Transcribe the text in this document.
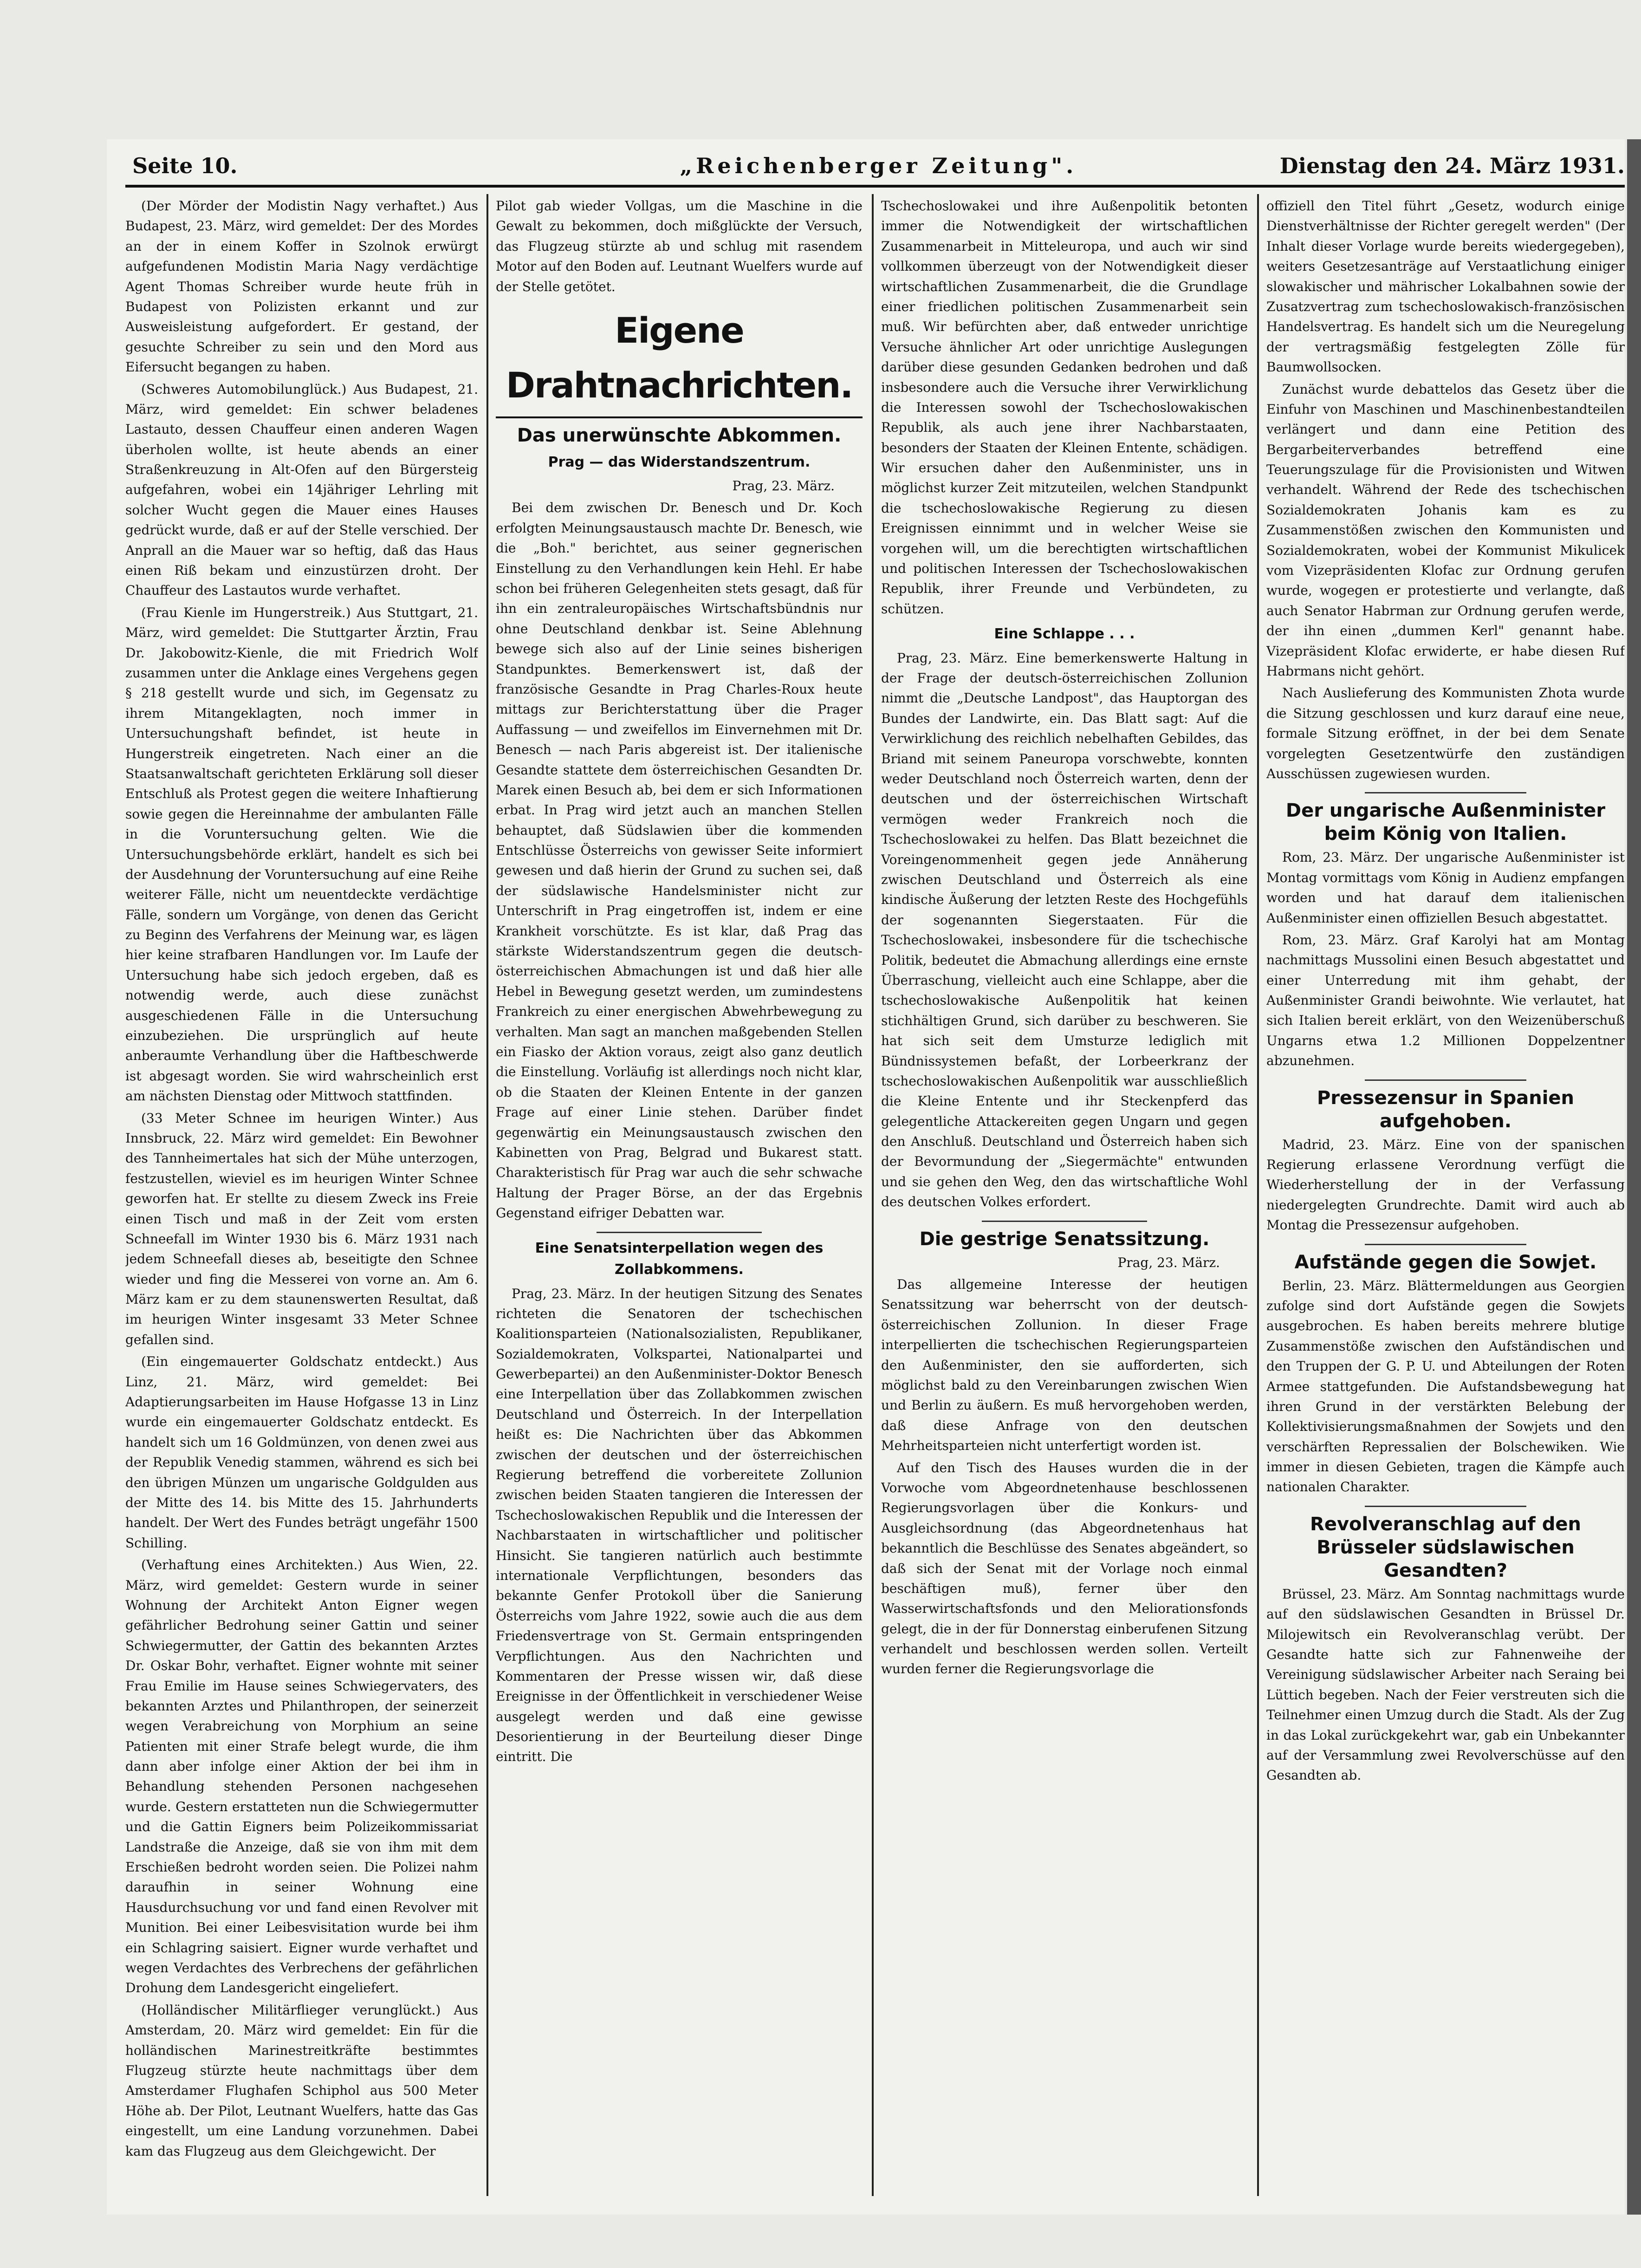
Seite 10.	„Reichenberger Zeitung".	Dienstag den 24. März 1931.

(Der Mörder der Modistin Nagy verhaftet.) Aus Budapest, 23. März, wird gemeldet: Der des Mordes an der in einem Koffer in Szolnok erwürgt aufgefundenen Modistin Maria Nagy verdächtige Agent Thomas Schreiber wurde heute früh in Budapest von Polizisten erkannt und zur Ausweisleistung aufgefordert. Er gestand, der gesuchte Schreiber zu sein und den Mord aus Eifersucht begangen zu haben.

(Schweres Automobilunglück.) Aus Budapest, 21. März, wird gemeldet: Ein schwer beladenes Lastauto, dessen Chauffeur einen anderen Wagen überholen wollte, ist heute abends an einer Straßenkreuzung in Alt-Ofen auf den Bürgersteig aufgefahren, wobei ein 14jähriger Lehrling mit solcher Wucht gegen die Mauer eines Hauses gedrückt wurde, daß er auf der Stelle verschied. Der Anprall an die Mauer war so heftig, daß das Haus einen Riß bekam und einzustürzen droht. Der Chauffeur des Lastautos wurde verhaftet.

(Frau Kienle im Hungerstreik.) Aus Stuttgart, 21. März, wird gemeldet: Die Stuttgarter Ärztin, Frau Dr. Jakobowitz-Kienle, die mit Friedrich Wolf zusammen unter die Anklage eines Vergehens gegen § 218 gestellt wurde und sich, im Gegensatz zu ihrem Mitangeklagten, noch immer in Untersuchungshaft befindet, ist heute in Hungerstreik eingetreten. Nach einer an die Staatsanwaltschaft gerichteten Erklärung soll dieser Entschluß als Protest gegen die weitere Inhaftierung sowie gegen die Hereinnahme der ambulanten Fälle in die Voruntersuchung gelten. Wie die Untersuchungsbehörde erklärt, handelt es sich bei der Ausdehnung der Voruntersuchung auf eine Reihe weiterer Fälle, nicht um neuentdeckte verdächtige Fälle, sondern um Vorgänge, von denen das Gericht zu Beginn des Verfahrens der Meinung war, es lägen hier keine strafbaren Handlungen vor. Im Laufe der Untersuchung habe sich jedoch ergeben, daß es notwendig werde, auch diese zunächst ausgeschiedenen Fälle in die Untersuchung einzubeziehen. Die ursprünglich auf heute anberaumte Verhandlung über die Haftbeschwerde ist abgesagt worden. Sie wird wahrscheinlich erst am nächsten Dienstag oder Mittwoch stattfinden.

(33 Meter Schnee im heurigen Winter.) Aus Innsbruck, 22. März wird gemeldet: Ein Bewohner des Tannheimertales hat sich der Mühe unterzogen, festzustellen, wieviel es im heurigen Winter Schnee geworfen hat. Er stellte zu diesem Zweck ins Freie einen Tisch und maß in der Zeit vom ersten Schneefall im Winter 1930 bis 6. März 1931 nach jedem Schneefall dieses ab, beseitigte den Schnee wieder und fing die Messerei von vorne an. Am 6. März kam er zu dem staunenswerten Resultat, daß im heurigen Winter insgesamt 33 Meter Schnee gefallen sind.

(Ein eingemauerter Goldschatz entdeckt.) Aus Linz, 21. März, wird gemeldet: Bei Adaptierungsarbeiten im Hause Hofgasse 13 in Linz wurde ein eingemauerter Goldschatz entdeckt. Es handelt sich um 16 Goldmünzen, von denen zwei aus der Republik Venedig stammen, während es sich bei den übrigen Münzen um ungarische Goldgulden aus der Mitte des 14. bis Mitte des 15. Jahrhunderts handelt. Der Wert des Fundes beträgt ungefähr 1500 Schilling.

(Verhaftung eines Architekten.) Aus Wien, 22. März, wird gemeldet: Gestern wurde in seiner Wohnung der Architekt Anton Eigner wegen gefährlicher Bedrohung seiner Gattin und seiner Schwiegermutter, der Gattin des bekannten Arztes Dr. Oskar Bohr, verhaftet. Eigner wohnte mit seiner Frau Emilie im Hause seines Schwiegervaters, des bekannten Arztes und Philanthropen, der seinerzeit wegen Verabreichung von Morphium an seine Patienten mit einer Strafe belegt wurde, die ihm dann aber infolge einer Aktion der bei ihm in Behandlung stehenden Personen nachgesehen wurde. Gestern erstatteten nun die Schwiegermutter und die Gattin Eigners beim Polizeikommissariat Landstraße die Anzeige, daß sie von ihm mit dem Erschießen bedroht worden seien. Die Polizei nahm daraufhin in seiner Wohnung eine Hausdurchsuchung vor und fand einen Revolver mit Munition. Bei einer Leibesvisitation wurde bei ihm ein Schlagring saisiert. Eigner wurde verhaftet und wegen Verdachtes des Verbrechens der gefährlichen Drohung dem Landesgericht eingeliefert.

(Holländischer Militärflieger verunglückt.) Aus Amsterdam, 20. März wird gemeldet: Ein für die holländischen Marinestreitkräfte bestimmtes Flugzeug stürzte heute nachmittags über dem Amsterdamer Flughafen Schiphol aus 500 Meter Höhe ab. Der Pilot, Leutnant Wuelfers, hatte das Gas eingestellt, um eine Landung vorzunehmen. Dabei kam das Flugzeug aus dem Gleichgewicht. Der

Pilot gab wieder Vollgas, um die Maschine in die Gewalt zu bekommen, doch mißglückte der Versuch, das Flugzeug stürzte ab und schlug mit rasendem Motor auf den Boden auf. Leutnant Wuelfers wurde auf der Stelle getötet.

Eigene Drahtnachrichten.
Das unerwünschte Abkommen.
Prag — das Widerstandszentrum.
Prag, 23. März.

Bei dem zwischen Dr. Benesch und Dr. Koch erfolgten Meinungsaustausch machte Dr. Benesch, wie die „Boh." berichtet, aus seiner gegnerischen Einstellung zu den Verhandlungen kein Hehl. Er habe schon bei früheren Gelegenheiten stets gesagt, daß für ihn ein zentraleuropäisches Wirtschaftsbündnis nur ohne Deutschland denkbar ist. Seine Ablehnung bewege sich also auf der Linie seines bisherigen Standpunktes. Bemerkenswert ist, daß der französische Gesandte in Prag Charles-Roux heute mittags zur Berichterstattung über die Prager Auffassung — und zweifellos im Einvernehmen mit Dr. Benesch — nach Paris abgereist ist. Der italienische Gesandte stattete dem österreichischen Gesandten Dr. Marek einen Besuch ab, bei dem er sich Informationen erbat. In Prag wird jetzt auch an manchen Stellen behauptet, daß Südslawien über die kommenden Entschlüsse Österreichs von gewisser Seite informiert gewesen und daß hierin der Grund zu suchen sei, daß der südslawische Handelsminister nicht zur Unterschrift in Prag eingetroffen ist, indem er eine Krankheit vorschützte. Es ist klar, daß Prag das stärkste Widerstandszentrum gegen die deutsch-österreichischen Abmachungen ist und daß hier alle Hebel in Bewegung gesetzt werden, um zumindestens Frankreich zu einer energischen Abwehrbewegung zu verhalten. Man sagt an manchen maßgebenden Stellen ein Fiasko der Aktion voraus, zeigt also ganz deutlich die Einstellung. Vorläufig ist allerdings noch nicht klar, ob die Staaten der Kleinen Entente in der ganzen Frage auf einer Linie stehen. Darüber findet gegenwärtig ein Meinungsaustausch zwischen den Kabinetten von Prag, Belgrad und Bukarest statt. Charakteristisch für Prag war auch die sehr schwache Haltung der Prager Börse, an der das Ergebnis Gegenstand eifriger Debatten war.

Eine Senatsinterpellation wegen des Zollabkommens.

Prag, 23. März. In der heutigen Sitzung des Senates richteten die Senatoren der tschechischen Koalitionsparteien (Nationalsozialisten, Republikaner, Sozialdemokraten, Volkspartei, Nationalpartei und Gewerbepartei) an den Außenminister-Doktor Benesch eine Interpellation über das Zollabkommen zwischen Deutschland und Österreich. In der Interpellation heißt es: Die Nachrichten über das Abkommen zwischen der deutschen und der österreichischen Regierung betreffend die vorbereitete Zollunion zwischen beiden Staaten tangieren die Interessen der Tschechoslowakischen Republik und die Interessen der Nachbarstaaten in wirtschaftlicher und politischer Hinsicht. Sie tangieren natürlich auch bestimmte internationale Verpflichtungen, besonders das bekannte Genfer Protokoll über die Sanierung Österreichs vom Jahre 1922, sowie auch die aus dem Friedensvertrage von St. Germain entspringenden Verpflichtungen. Aus den Nachrichten und Kommentaren der Presse wissen wir, daß diese Ereignisse in der Öffentlichkeit in verschiedener Weise ausgelegt werden und daß eine gewisse Desorientierung in der Beurteilung dieser Dinge eintritt. Die

Tschechoslowakei und ihre Außenpolitik betonten immer die Notwendigkeit der wirtschaftlichen Zusammenarbeit in Mitteleuropa, und auch wir sind vollkommen überzeugt von der Notwendigkeit dieser wirtschaftlichen Zusammenarbeit, die die Grundlage einer friedlichen politischen Zusammenarbeit sein muß. Wir befürchten aber, daß entweder unrichtige Versuche ähnlicher Art oder unrichtige Auslegungen darüber diese gesunden Gedanken bedrohen und daß insbesondere auch die Versuche ihrer Verwirklichung die Interessen sowohl der Tschechoslowakischen Republik, als auch jene ihrer Nachbarstaaten, besonders der Staaten der Kleinen Entente, schädigen. Wir ersuchen daher den Außenminister, uns in möglichst kurzer Zeit mitzuteilen, welchen Standpunkt die tschechoslowakische Regierung zu diesen Ereignissen einnimmt und in welcher Weise sie vorgehen will, um die berechtigten wirtschaftlichen und politischen Interessen der Tschechoslowakischen Republik, ihrer Freunde und Verbündeten, zu schützen.

Eine Schlappe . . .

Prag, 23. März. Eine bemerkenswerte Haltung in der Frage der deutsch-österreichischen Zollunion nimmt die „Deutsche Landpost", das Hauptorgan des Bundes der Landwirte, ein. Das Blatt sagt: Auf die Verwirklichung des reichlich nebelhaften Gebildes, das Briand mit seinem Paneuropa vorschwebte, konnten weder Deutschland noch Österreich warten, denn der deutschen und der österreichischen Wirtschaft vermögen weder Frankreich noch die Tschechoslowakei zu helfen. Das Blatt bezeichnet die Voreingenommenheit gegen jede Annäherung zwischen Deutschland und Österreich als eine kindische Äußerung der letzten Reste des Hochgefühls der sogenannten Siegerstaaten. Für die Tschechoslowakei, insbesondere für die tschechische Politik, bedeutet die Abmachung allerdings eine ernste Überraschung, vielleicht auch eine Schlappe, aber die tschechoslowakische Außenpolitik hat keinen stichhältigen Grund, sich darüber zu beschweren. Sie hat sich seit dem Umsturze lediglich mit Bündnissystemen befaßt, der Lorbeerkranz der tschechoslowakischen Außenpolitik war ausschließlich die Kleine Entente und ihr Steckenpferd das gelegentliche Attackereiten gegen Ungarn und gegen den Anschluß. Deutschland und Österreich haben sich der Bevormundung der „Siegermächte" entwunden und sie gehen den Weg, den das wirtschaftliche Wohl des deutschen Volkes erfordert.

Die gestrige Senatssitzung.
Prag, 23. März.

Das allgemeine Interesse der heutigen Senatssitzung war beherrscht von der deutsch-österreichischen Zollunion. In dieser Frage interpellierten die tschechischen Regierungsparteien den Außenminister, den sie aufforderten, sich möglichst bald zu den Vereinbarungen zwischen Wien und Berlin zu äußern. Es muß hervorgehoben werden, daß diese Anfrage von den deutschen Mehrheitsparteien nicht unterfertigt worden ist.

Auf den Tisch des Hauses wurden die in der Vorwoche vom Abgeordnetenhause beschlossenen Regierungsvorlagen über die Konkurs- und Ausgleichsordnung (das Abgeordnetenhaus hat bekanntlich die Beschlüsse des Senates abgeändert, so daß sich der Senat mit der Vorlage noch einmal beschäftigen muß), ferner über den Wasserwirtschaftsfonds und den Meliorationsfonds gelegt, die in der für Donnerstag einberufenen Sitzung verhandelt und beschlossen werden sollen. Verteilt wurden ferner die Regierungsvorlage die

offiziell den Titel führt „Gesetz, wodurch einige Dienstverhältnisse der Richter geregelt werden" (Der Inhalt dieser Vorlage wurde bereits wiedergegeben), weiters Gesetzesanträge auf Verstaatlichung einiger slowakischer und mährischer Lokalbahnen sowie der Zusatzvertrag zum tschechoslowakisch-französischen Handelsvertrag. Es handelt sich um die Neuregelung der vertragsmäßig festgelegten Zölle für Baumwollsocken.

Zunächst wurde debattelos das Gesetz über die Einfuhr von Maschinen und Maschinenbestandteilen verlängert und dann eine Petition des Bergarbeiterverbandes betreffend eine Teuerungszulage für die Provisionisten und Witwen verhandelt. Während der Rede des tschechischen Sozialdemokraten Johanis kam es zu Zusammenstößen zwischen den Kommunisten und Sozialdemokraten, wobei der Kommunist Mikulicek vom Vizepräsidenten Klofac zur Ordnung gerufen wurde, wogegen er protestierte und verlangte, daß auch Senator Habrman zur Ordnung gerufen werde, der ihn einen „dummen Kerl" genannt habe. Vizepräsident Klofac erwiderte, er habe diesen Ruf Habrmans nicht gehört.

Nach Auslieferung des Kommunisten Zhota wurde die Sitzung geschlossen und kurz darauf eine neue, formale Sitzung eröffnet, in der bei dem Senate vorgelegten Gesetzentwürfe den zuständigen Ausschüssen zugewiesen wurden.

Der ungarische Außenminister beim König von Italien.

Rom, 23. März. Der ungarische Außenminister ist Montag vormittags vom König in Audienz empfangen worden und hat darauf dem italienischen Außenminister einen offiziellen Besuch abgestattet.

Rom, 23. März. Graf Karolyi hat am Montag nachmittags Mussolini einen Besuch abgestattet und einer Unterredung mit ihm gehabt, der Außenminister Grandi beiwohnte. Wie verlautet, hat sich Italien bereit erklärt, von den Weizenüberschuß Ungarns etwa 1.2 Millionen Doppelzentner abzunehmen.

Pressezensur in Spanien aufgehoben.

Madrid, 23. März. Eine von der spanischen Regierung erlassene Verordnung verfügt die Wiederherstellung der in der Verfassung niedergelegten Grundrechte. Damit wird auch ab Montag die Pressezensur aufgehoben.

Aufstände gegen die Sowjet.

Berlin, 23. März. Blättermeldungen aus Georgien zufolge sind dort Aufstände gegen die Sowjets ausgebrochen. Es haben bereits mehrere blutige Zusammenstöße zwischen den Aufständischen und den Truppen der G. P. U. und Abteilungen der Roten Armee stattgefunden. Die Aufstandsbewegung hat ihren Grund in der verstärkten Belebung der Kollektivisierungsmaßnahmen der Sowjets und den verschärften Repressalien der Bolschewiken. Wie immer in diesen Gebieten, tragen die Kämpfe auch nationalen Charakter.

Revolveranschlag auf den Brüsseler südslawischen Gesandten?

Brüssel, 23. März. Am Sonntag nachmittags wurde auf den südslawischen Gesandten in Brüssel Dr. Milojewitsch ein Revolveranschlag verübt. Der Gesandte hatte sich zur Fahnenweihe der Vereinigung südslawischer Arbeiter nach Seraing bei Lüttich begeben. Nach der Feier verstreuten sich die Teilnehmer einen Umzug durch die Stadt. Als der Zug in das Lokal zurückgekehrt war, gab ein Unbekannter auf der Versammlung zwei Revolverschüsse auf den Gesandten ab.
